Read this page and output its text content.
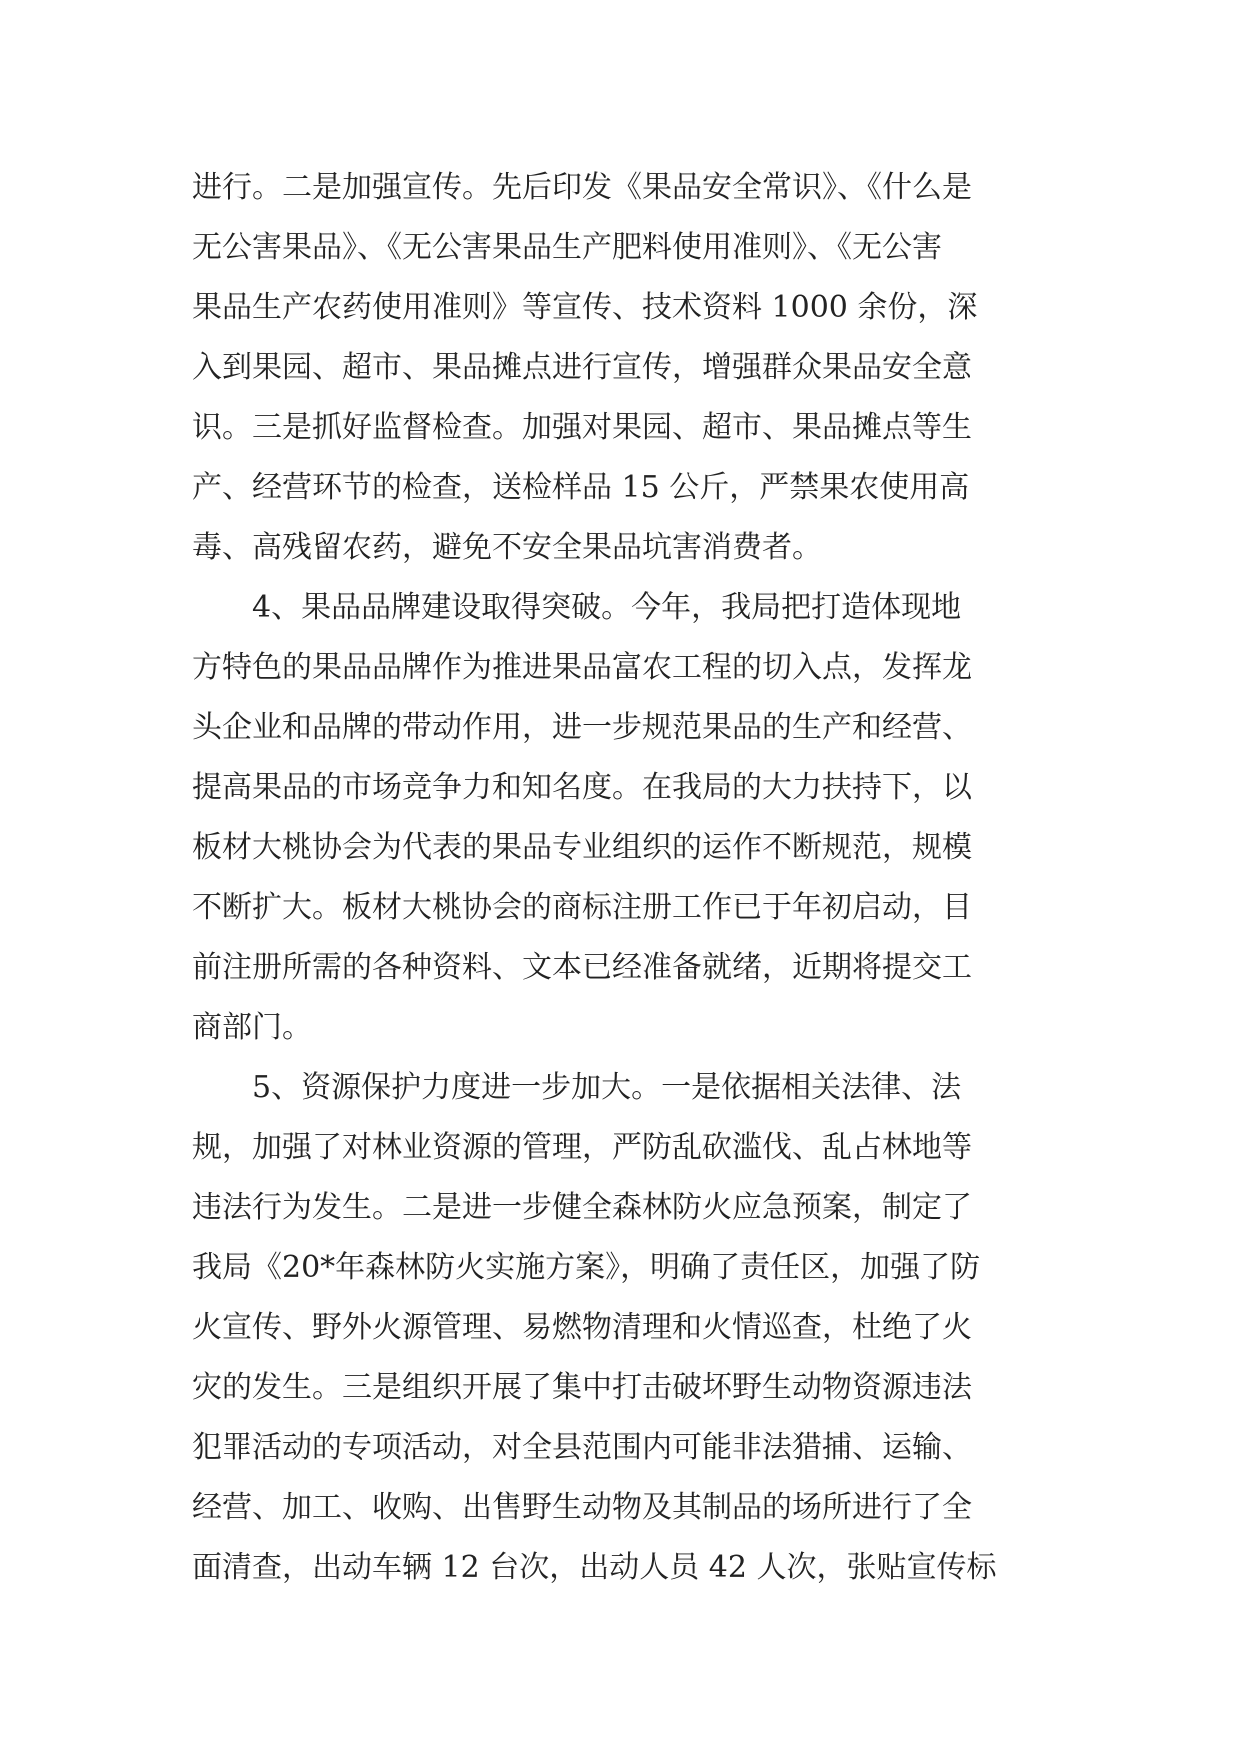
进行。二是加强宣传。先后印发《果品安全常识》、《什么是
无公害果品》、《无公害果品生产肥料使用准则》、《无公害
果品生产农药使用准则》等宣传、技术资料 1000 余份，深
入到果园、超市、果品摊点进行宣传，增强群众果品安全意
识。三是抓好监督检查。加强对果园、超市、果品摊点等生
产、经营环节的检查，送检样品 15 公斤，严禁果农使用高
毒、高残留农药，避免不安全果品坑害消费者。
　　4、果品品牌建设取得突破。今年，我局把打造体现地
方特色的果品品牌作为推进果品富农工程的切入点，发挥龙
头企业和品牌的带动作用，进一步规范果品的生产和经营、
提高果品的市场竞争力和知名度。在我局的大力扶持下，以
板材大桃协会为代表的果品专业组织的运作不断规范，规模
不断扩大。板材大桃协会的商标注册工作已于年初启动，目
前注册所需的各种资料、文本已经准备就绪，近期将提交工
商部门。
　　5、资源保护力度进一步加大。一是依据相关法律、法
规，加强了对林业资源的管理，严防乱砍滥伐、乱占林地等
违法行为发生。二是进一步健全森林防火应急预案，制定了
我局《20*年森林防火实施方案》，明确了责任区，加强了防
火宣传、野外火源管理、易燃物清理和火情巡查，杜绝了火
灾的发生。三是组织开展了集中打击破坏野生动物资源违法
犯罪活动的专项活动，对全县范围内可能非法猎捕、运输、
经营、加工、收购、出售野生动物及其制品的场所进行了全
面清查，出动车辆 12 台次，出动人员 42 人次，张贴宣传标
